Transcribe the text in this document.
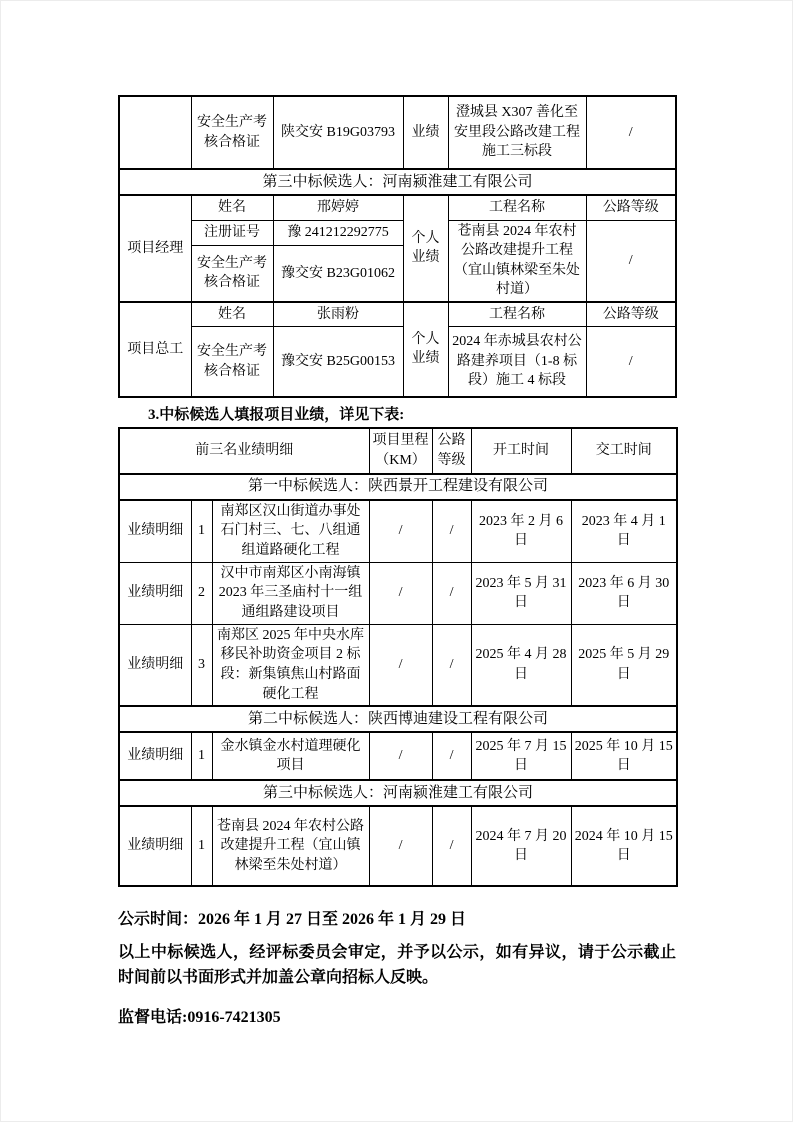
	安全生产考核合格证	陕交安 B19G03793	业绩	澄城县 X307 善化至安里段公路改建工程施工三标段	/
第三中标候选人：河南颍淮建工有限公司					
项目经理	姓名	邢婷婷	个人业绩	工程名称	公路等级
	注册证号	豫 241212292775		苍南县 2024 年农村公路改建提升工程（宜山镇林梁至朱处村道）	/
	安全生产考核合格证	豫交安 B23G01062			
项目总工	姓名	张雨粉	个人业绩	工程名称	公路等级
	安全生产考核合格证	豫交安 B25G00153		2024 年赤城县农村公路建养项目（1-8 标段）施工 4 标段	/
3.中标候选人填报项目业绩，详见下表:
前三名业绩明细			项目里程（KM）	公路等级	开工时间	交工时间
第一中标候选人：陕西景开工程建设有限公司						
业绩明细	1	南郑区汉山街道办事处石门村三、七、八组通组道路硬化工程	/	/	2023 年 2 月 6 日	2023 年 4 月 1 日
业绩明细	2	汉中市南郑区小南海镇 2023 年三圣庙村十一组通组路建设项目	/	/	2023 年 5 月 31 日	2023 年 6 月 30 日
业绩明细	3	南郑区 2025 年中央水库移民补助资金项目 2 标段：新集镇焦山村路面硬化工程	/	/	2025 年 4 月 28 日	2025 年 5 月 29 日
第二中标候选人：陕西博迪建设工程有限公司						
业绩明细	1	金水镇金水村道理硬化项目	/	/	2025 年 7 月 15 日	2025 年 10 月 15 日
第三中标候选人：河南颍淮建工有限公司						
业绩明细	1	苍南县 2024 年农村公路改建提升工程（宜山镇林梁至朱处村道）	/	/	2024 年 7 月 20 日	2024 年 10 月 15 日
公示时间：2026 年 1 月 27 日至 2026 年 1 月 29 日
以上中标候选人，经评标委员会审定，并予以公示，如有异议，请于公示截止时间前以书面形式并加盖公章向招标人反映。
监督电话:0916-7421305
